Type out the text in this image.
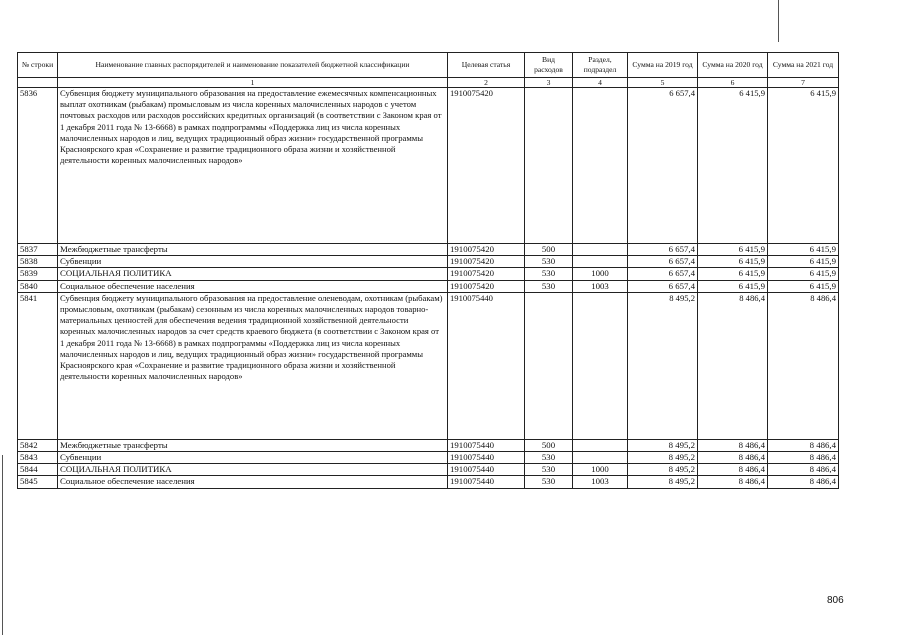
№ строки	Наименование главных распорядителей и наименование показателей бюджетной классификации	Целевая статья	Вид расходов	Раздел, подраздел	Сумма на 2019 год	Сумма на 2020 год	Сумма на 2021 год
	1	2	3	4	5	6	7
5836	Субвенция бюджету муниципального образования на предоставление ежемесячных компенсационных выплат охотникам (рыбакам) промысловым из числа коренных малочисленных народов с учетом почтовых расходов или расходов российских кредитных организаций (в соответствии с Законом края от 1 декабря 2011 года № 13-6668) в рамках подпрограммы «Поддержка лиц из числа коренных малочисленных народов и лиц, ведущих традиционный образ жизни» государственной программы Красноярского края «Сохранение и развитие традиционного образа жизни и хозяйственной деятельности коренных малочисленных народов»	1910075420			6 657,4	6 415,9	6 415,9
5837	Межбюджетные трансферты	1910075420	500		6 657,4	6 415,9	6 415,9
5838	Субвенции	1910075420	530		6 657,4	6 415,9	6 415,9
5839	СОЦИАЛЬНАЯ ПОЛИТИКА	1910075420	530	1000	6 657,4	6 415,9	6 415,9
5840	Социальное обеспечение населения	1910075420	530	1003	6 657,4	6 415,9	6 415,9
5841	Субвенция бюджету муниципального образования на предоставление оленеводам, охотникам (рыбакам) промысловым, охотникам (рыбакам) сезонным из числа коренных малочисленных народов товарно-материальных ценностей для обеспечения ведения традиционной хозяйственной деятельности коренных малочисленных народов за счет средств краевого бюджета (в соответствии с Законом края от 1 декабря 2011 года № 13-6668) в рамках подпрограммы «Поддержка лиц из числа коренных малочисленных народов и лиц, ведущих традиционный образ жизни» государственной программы Красноярского края «Сохранение и развитие традиционного образа жизни и хозяйственной деятельности коренных малочисленных народов»	1910075440			8 495,2	8 486,4	8 486,4
5842	Межбюджетные трансферты	1910075440	500		8 495,2	8 486,4	8 486,4
5843	Субвенции	1910075440	530		8 495,2	8 486,4	8 486,4
5844	СОЦИАЛЬНАЯ ПОЛИТИКА	1910075440	530	1000	8 495,2	8 486,4	8 486,4
5845	Социальное обеспечение населения	1910075440	530	1003	8 495,2	8 486,4	8 486,4
806
